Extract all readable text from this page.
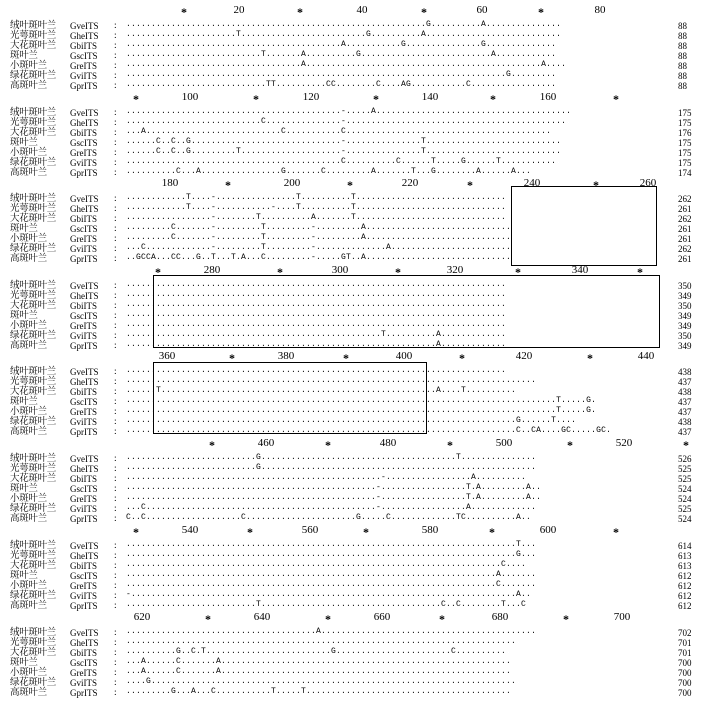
*	20	*	40	*	60	*	80
绒叶斑叶兰 GveITS : ............................................................G..........A...............	88
光萼斑叶兰 GheITS : ......................T.........................G..........A...........................	88
大花斑叶兰 GbiITS : ...........................................A...........G...............G..............	88
斑叶兰	GscITS : ...........................T.......A..........G..........................A............	88
小斑叶兰	GreITS : ...................................A...............................................A....	88
绿花斑叶兰 GviITS : ............................................................................G.........	88
高斑叶兰	GprITS : ............................TT..........CC........C....AG...........C.................	88
*	100	*	120	*	140	*	160	*
绒叶斑叶兰 GveITS : ...........................................-.....A.......................................	175
光萼斑叶兰 GheITS : ...........................C...............-............................................	175
大花斑叶兰 GbiITS : ...A...........................C...........C.........................................	176
斑叶兰	GscITS : ......C..C..G..............................-...............T...........................	175
小斑叶兰	GreITS : ......C..C..G.........T....................-...............T...........................	175
绿花斑叶兰 GviITS : ...........................................C..........C......T.....G......T...........	175
高斑叶兰	GprITS : ..........C...A................G.......C.........A.......T...G........A......A...	174
180	*	200	*	220	*	240	*	260
绒叶斑叶兰 GveITS : ............T....-................T..........T..............................	262
光萼斑叶兰 GheITS : ............T....-...........-....T..........T..............................	261
大花斑叶兰 GbiITS : .................-........T..........A.......T..............................	262
斑叶兰	GscITS : .........C.......-.........T.........-.........A.............................	261
小斑叶兰	GreITS : .........C.......-.........T.........-.........A.............................	261
绿花斑叶兰 GviITS : ...C.............-.........T.........-..............A........................	262
高斑叶兰	GprITS : ..GCCA...CC...G..T...T.A...C.........-.....GT..A.............................	261
*	280	*	300	*	320	*	340	*
绒叶斑叶兰 GveITS : ............................................................................	350
光萼斑叶兰 GheITS : ............................................................................	349
大花斑叶兰 GbiITS : ............................................................................	350
斑叶兰	GscITS : ............................................................................	349
小斑叶兰	GreITS : ............................................................................	349
绿花斑叶兰 GviITS : ...................................................T..........A.............	350
高斑叶兰	GprITS : ..............................................................A.............	349
360	*	380	*	400	*	420	*	440
绒叶斑叶兰 GveITS : ............................................................................	438
光萼斑叶兰 GheITS : ..................................................................................	437
大花斑叶兰 GbiITS : ......T.......................................................A....T..........	438
斑叶兰	GscITS : ......................................................................................T.....G.	437
小斑叶兰	GreITS : ......................................................................................T.....G.	437
绿花斑叶兰 GviITS : ..............................................................................G......T....	438
高斑叶兰	GprITS : ..............................................................................C..CA....GC.....GC.	437
*	460	*	480	*	500	*	520	*
绒叶斑叶兰 GveITS : ..........................G.......................................T...............	526
光萼斑叶兰 GheITS : ..........................G.......................................................	525
大花斑叶兰 GbiITS : ...................................................-.................A..........	525
斑叶兰	GscITS : ..................................................-.................T.A.........A..	524
小斑叶兰	GreITS : ..................................................-.................T.A.........A..	524
绿花斑叶兰 GviITS : ...C..............................................-.................A.............	525
高斑叶兰	GprITS : C..C...................C......................G.....C.............TC..........A..	524
*	540	*	560	*	580	*	600	*
绒叶斑叶兰 GveITS : ..............................................................................T...	614
光萼斑叶兰 GheITS : ..............................................................................G...	613
大花斑叶兰 GbiITS : ...........................................................................C....	613
斑叶兰	GscITS : ..........................................................................A.......	612
小斑叶兰	GreITS : ..........................................................................C.......	612
绿花斑叶兰 GviITS : -.............................................................................A..	612
高斑叶兰	GprITS : ..........................T....................................C..C........T...C	612
620	*	640	*	660	*	680	*	700
绒叶斑叶兰 GveITS : ......................................A...........................................	702
光萼斑叶兰 GheITS : ..............................................................................	701
大花斑叶兰 GbiITS : ..........G..C.T.........................G.......................C..........	701
斑叶兰	GscITS : ...A......C.......A..........................................................	700
小斑叶兰	GreITS : ...A......C.......A..........................................................	700
绿花斑叶兰 GviITS : ....G.........................................................................	700
高斑叶兰	GprITS : .........G...A...C...........T.....T.........................................	700
